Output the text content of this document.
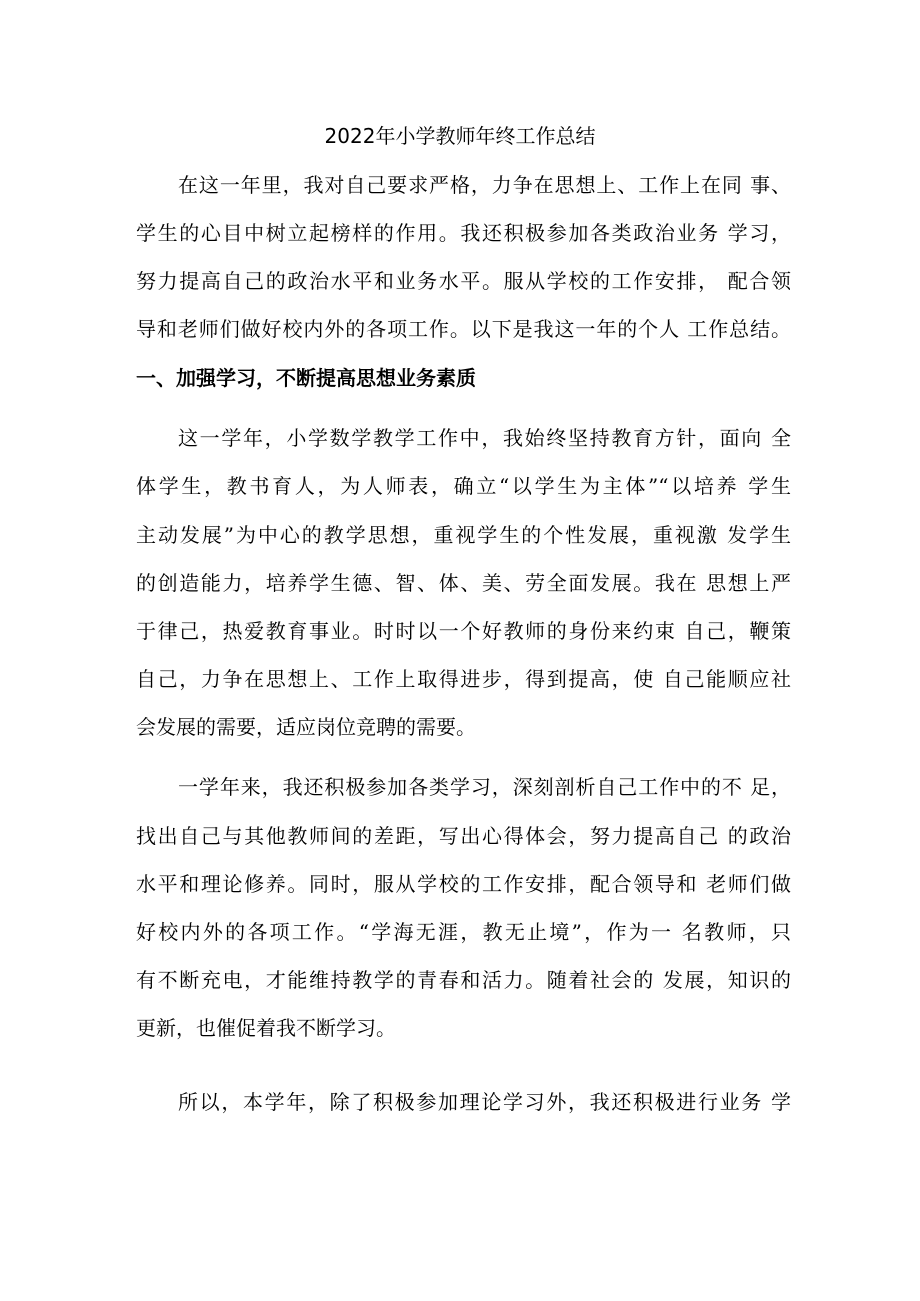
2022年小学教师年终工作总结
在这一年里，我对自己要求严格，力争在思想上、工作上在同 事、
学生的心目中树立起榜样的作用。我还积极参加各类政治业务 学习，
努力提高自己的政治水平和业务水平。服从学校的工作安排， 配合领
导和老师们做好校内外的各项工作。以下是我这一年的个人 工作总结。
一、加强学习，不断提高思想业务素质
这一学年，小学数学教学工作中，我始终坚持教育方针，面向 全
体学生，教书育人，为人师表，确立“以学生为主体”“以培养 学生
主动发展”为中心的教学思想，重视学生的个性发展，重视激 发学生
的创造能力，培养学生德、智、体、美、劳全面发展。我在 思想上严
于律己，热爱教育事业。时时以一个好教师的身份来约束 自己，鞭策
自己，力争在思想上、工作上取得进步，得到提高，使 自己能顺应社
会发展的需要，适应岗位竞聘的需要。
一学年来，我还积极参加各类学习，深刻剖析自己工作中的不 足，
找出自己与其他教师间的差距，写出心得体会，努力提高自己 的政治
水平和理论修养。同时，服从学校的工作安排，配合领导和 老师们做
好校内外的各项工作。“学海无涯，教无止境”，作为一 名教师，只
有不断充电，才能维持教学的青春和活力。随着社会的 发展，知识的
更新，也催促着我不断学习。
所以，本学年，除了积极参加理论学习外，我还积极进行业务 学
